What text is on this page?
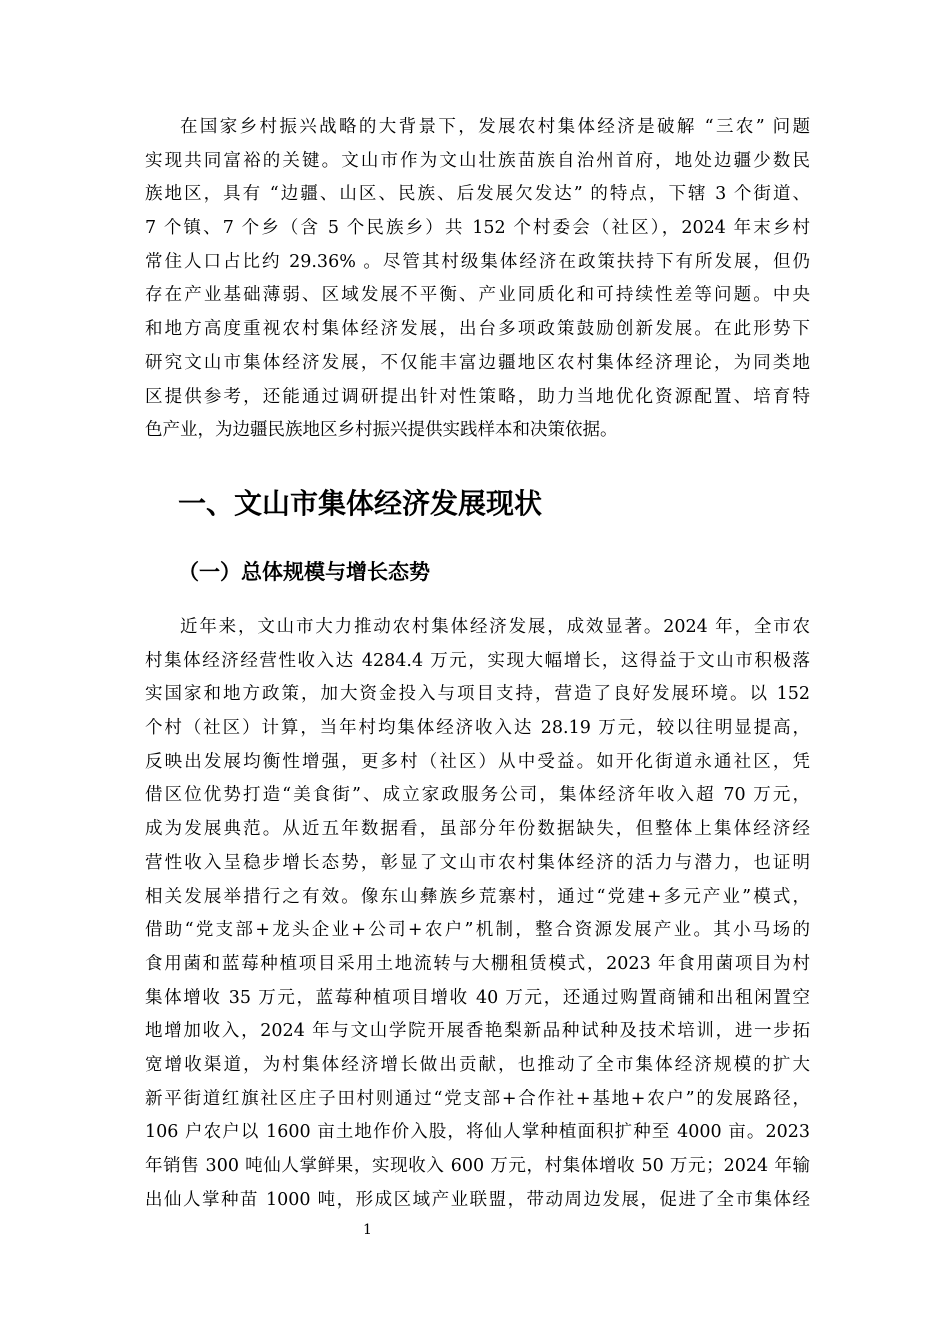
在国家乡村振兴战略的大背景下，发展农村集体经济是破解 “三农” 问题
实现共同富裕的关键。文山市作为文山壮族苗族自治州首府，地处边疆少数民
族地区，具有 “边疆、山区、民族、后发展欠发达” 的特点，下辖 3 个街道、
7 个镇、7 个乡（含 5 个民族乡）共 152 个村委会（社区），2024 年末乡村
常住人口占比约 29.36% 。尽管其村级集体经济在政策扶持下有所发展，但仍
存在产业基础薄弱、区域发展不平衡、产业同质化和可持续性差等问题。中央
和地方高度重视农村集体经济发展，出台多项政策鼓励创新发展。在此形势下
研究文山市集体经济发展，不仅能丰富边疆地区农村集体经济理论，为同类地
区提供参考，还能通过调研提出针对性策略，助力当地优化资源配置、培育特
色产业，为边疆民族地区乡村振兴提供实践样本和决策依据。
一、文山市集体经济发展现状
（一）总体规模与增长态势
近年来，文山市大力推动农村集体经济发展，成效显著。2024 年，全市农
村集体经济经营性收入达 4284.4 万元，实现大幅增长，这得益于文山市积极落
实国家和地方政策，加大资金投入与项目支持，营造了良好发展环境。以 152
个村（社区）计算，当年村均集体经济收入达 28.19 万元，较以往明显提高，
反映出发展均衡性增强，更多村（社区）从中受益。如开化街道永通社区，凭
借区位优势打造“美食街”、成立家政服务公司，集体经济年收入超 70 万元，
成为发展典范。从近五年数据看，虽部分年份数据缺失，但整体上集体经济经
营性收入呈稳步增长态势，彰显了文山市农村集体经济的活力与潜力，也证明
相关发展举措行之有效。像东山彝族乡荒寨村，通过“党建+多元产业”模式，
借助“党支部+龙头企业+公司+农户”机制，整合资源发展产业。其小马场的
食用菌和蓝莓种植项目采用土地流转与大棚租赁模式，2023 年食用菌项目为村
集体增收 35 万元，蓝莓种植项目增收 40 万元，还通过购置商铺和出租闲置空
地增加收入，2024 年与文山学院开展香艳梨新品种试种及技术培训，进一步拓
宽增收渠道，为村集体经济增长做出贡献，也推动了全市集体经济规模的扩大
新平街道红旗社区庄子田村则通过“党支部+合作社+基地+农户”的发展路径，
106 户农户以 1600 亩土地作价入股，将仙人掌种植面积扩种至 4000 亩。2023
年销售 300 吨仙人掌鲜果，实现收入 600 万元，村集体增收 50 万元；2024 年输
出仙人掌种苗 1000 吨，形成区域产业联盟，带动周边发展，促进了全市集体经
1
